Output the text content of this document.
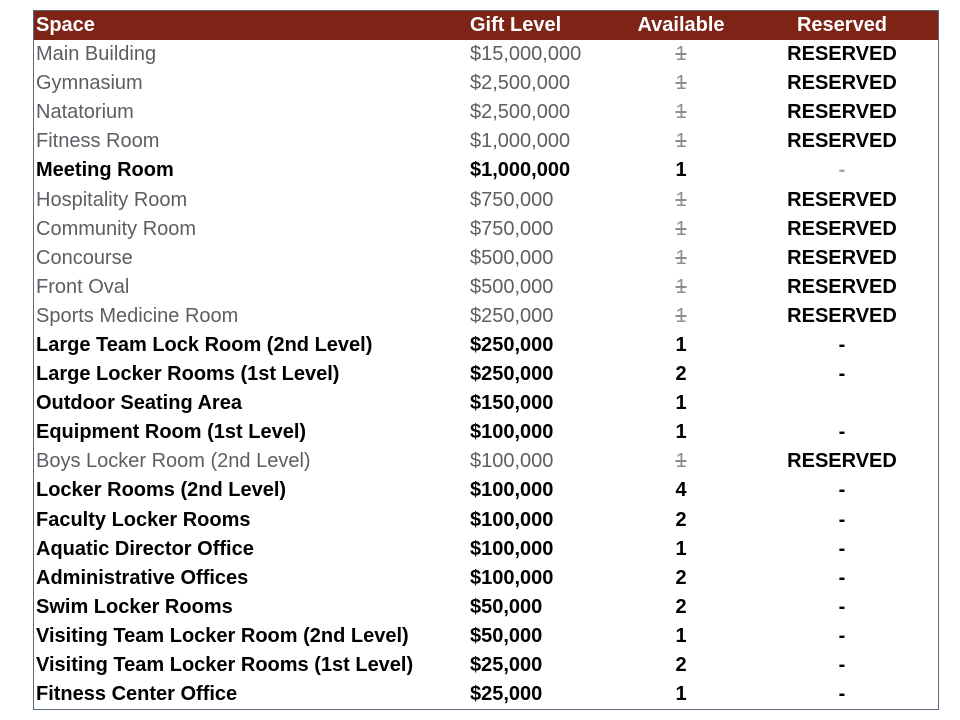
Space	Gift Level	Available	Reserved
Main Building	$15,000,000	1	RESERVED
Gymnasium	$2,500,000	1	RESERVED
Natatorium	$2,500,000	1	RESERVED
Fitness Room	$1,000,000	1	RESERVED
Meeting Room	$1,000,000	1	-
Hospitality Room	$750,000	1	RESERVED
Community Room	$750,000	1	RESERVED
Concourse	$500,000	1	RESERVED
Front Oval	$500,000	1	RESERVED
Sports Medicine Room	$250,000	1	RESERVED
Large Team Lock Room (2nd Level)	$250,000	1	-
Large Locker Rooms (1st Level)	$250,000	2	-
Outdoor Seating Area	$150,000	1	
Equipment Room (1st Level)	$100,000	1	-
Boys Locker Room (2nd Level)	$100,000	1	RESERVED
Locker Rooms (2nd Level)	$100,000	4	-
Faculty Locker Rooms	$100,000	2	-
Aquatic Director Office	$100,000	1	-
Administrative Offices	$100,000	2	-
Swim Locker Rooms	$50,000	2	-
Visiting Team Locker Room (2nd Level)	$50,000	1	-
Visiting Team Locker Rooms (1st Level)	$25,000	2	-
Fitness Center Office	$25,000	1	-
